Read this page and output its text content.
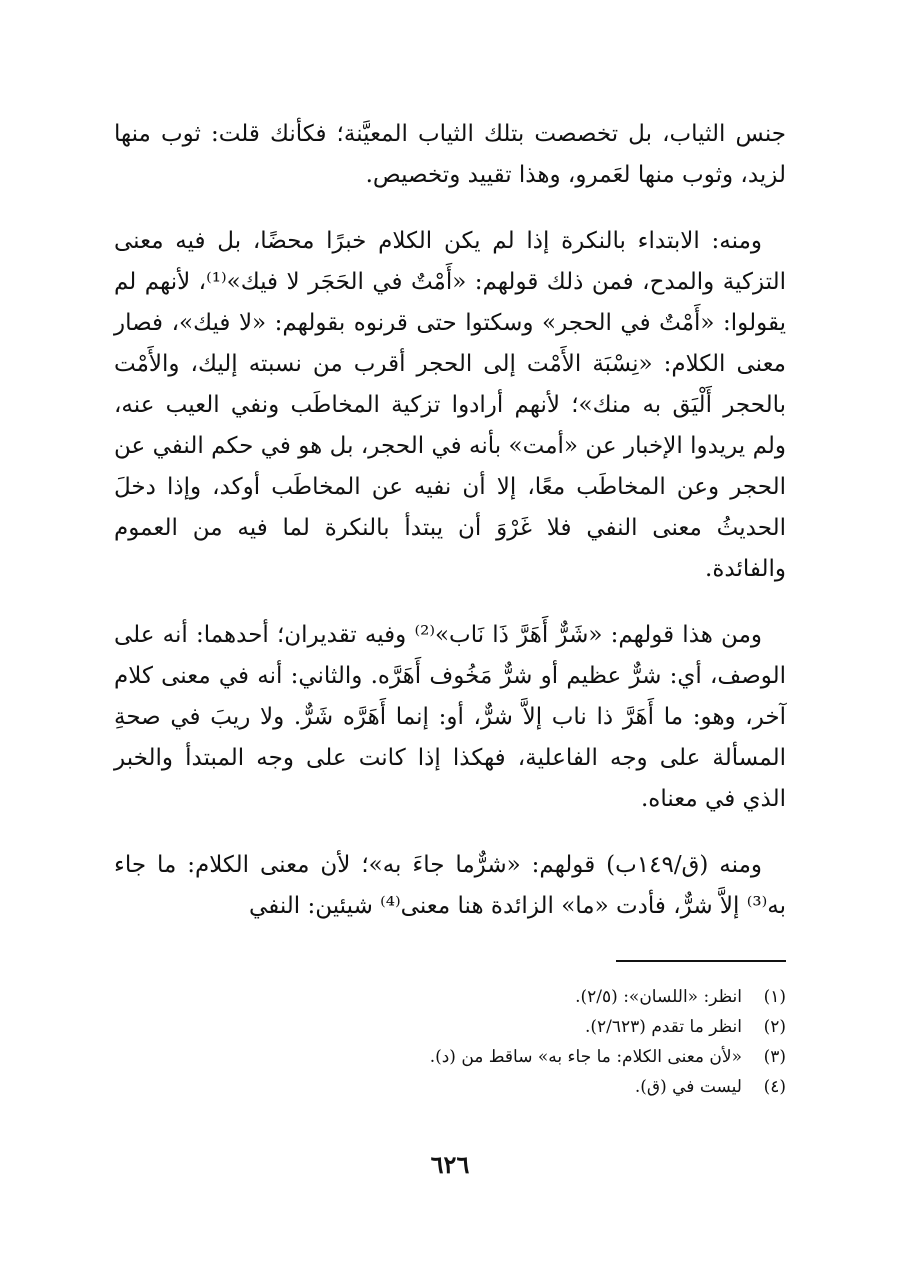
جنس الثياب، بل تخصصت بتلك الثياب المعيَّنة؛ فكأنك قلت: ثوب منها لزيد، وثوب منها لعَمرو، وهذا تقييد وتخصيص.

ومنه: الابتداء بالنكرة إذا لم يكن الكلام خبرًا محضًا، بل فيه معنى التزكية والمدح، فمن ذلك قولهم: «أَمْتٌ في الحَجَر لا فيك»⁽¹⁾، لأنهم لم يقولوا: «أَمْتٌ في الحجر» وسكتوا حتى قرنوه بقولهم: «لا فيك»، فصار معنى الكلام: «نِسْبَة الأَمْت إلى الحجر أقرب من نسبته إليك، والأَمْت بالحجر أَلْيَق به منك»؛ لأنهم أرادوا تزكية المخاطَب ونفي العيب عنه، ولم يريدوا الإخبار عن «أمت» بأنه في الحجر، بل هو في حكم النفي عن الحجر وعن المخاطَب معًا، إلا أن نفيه عن المخاطَب أوكد، وإذا دخلَ الحديثُ معنى النفي فلا غَرْوَ أن يبتدأ بالنكرة لما فيه من العموم والفائدة.

ومن هذا قولهم: «شَرٌّ أَهَرَّ ذَا نَاب»⁽²⁾ وفيه تقديران؛ أحدهما: أنه على الوصف، أي: شرٌّ عظيم أو شرٌّ مَخُوف أَهَرَّه. والثاني: أنه في معنى كلام آخر، وهو: ما أَهَرَّ ذا ناب إلاَّ شرٌّ، أو: إنما أَهَرَّه شَرٌّ. ولا ريبَ في صحةِ المسألة على وجه الفاعلية، فهكذا إذا كانت على وجه المبتدأ والخبر الذي في معناه.

ومنه (ق/١٤٩ب) قولهم: «شرٌّما جاءَ به»؛ لأن معنى الكلام: ما جاء به⁽³⁾ إلاَّ شرٌّ، فأدت «ما» الزائدة هنا معنى⁽⁴⁾ شيئين: النفي

(١)
انظر: «اللسان»: (٢/٥).
(٢)
انظر ما تقدم (٢/٦٢٣).
(٣)
«لأن معنى الكلام: ما جاء به» ساقط من (د).
(٤)
ليست في (ق).
٦٢٦
